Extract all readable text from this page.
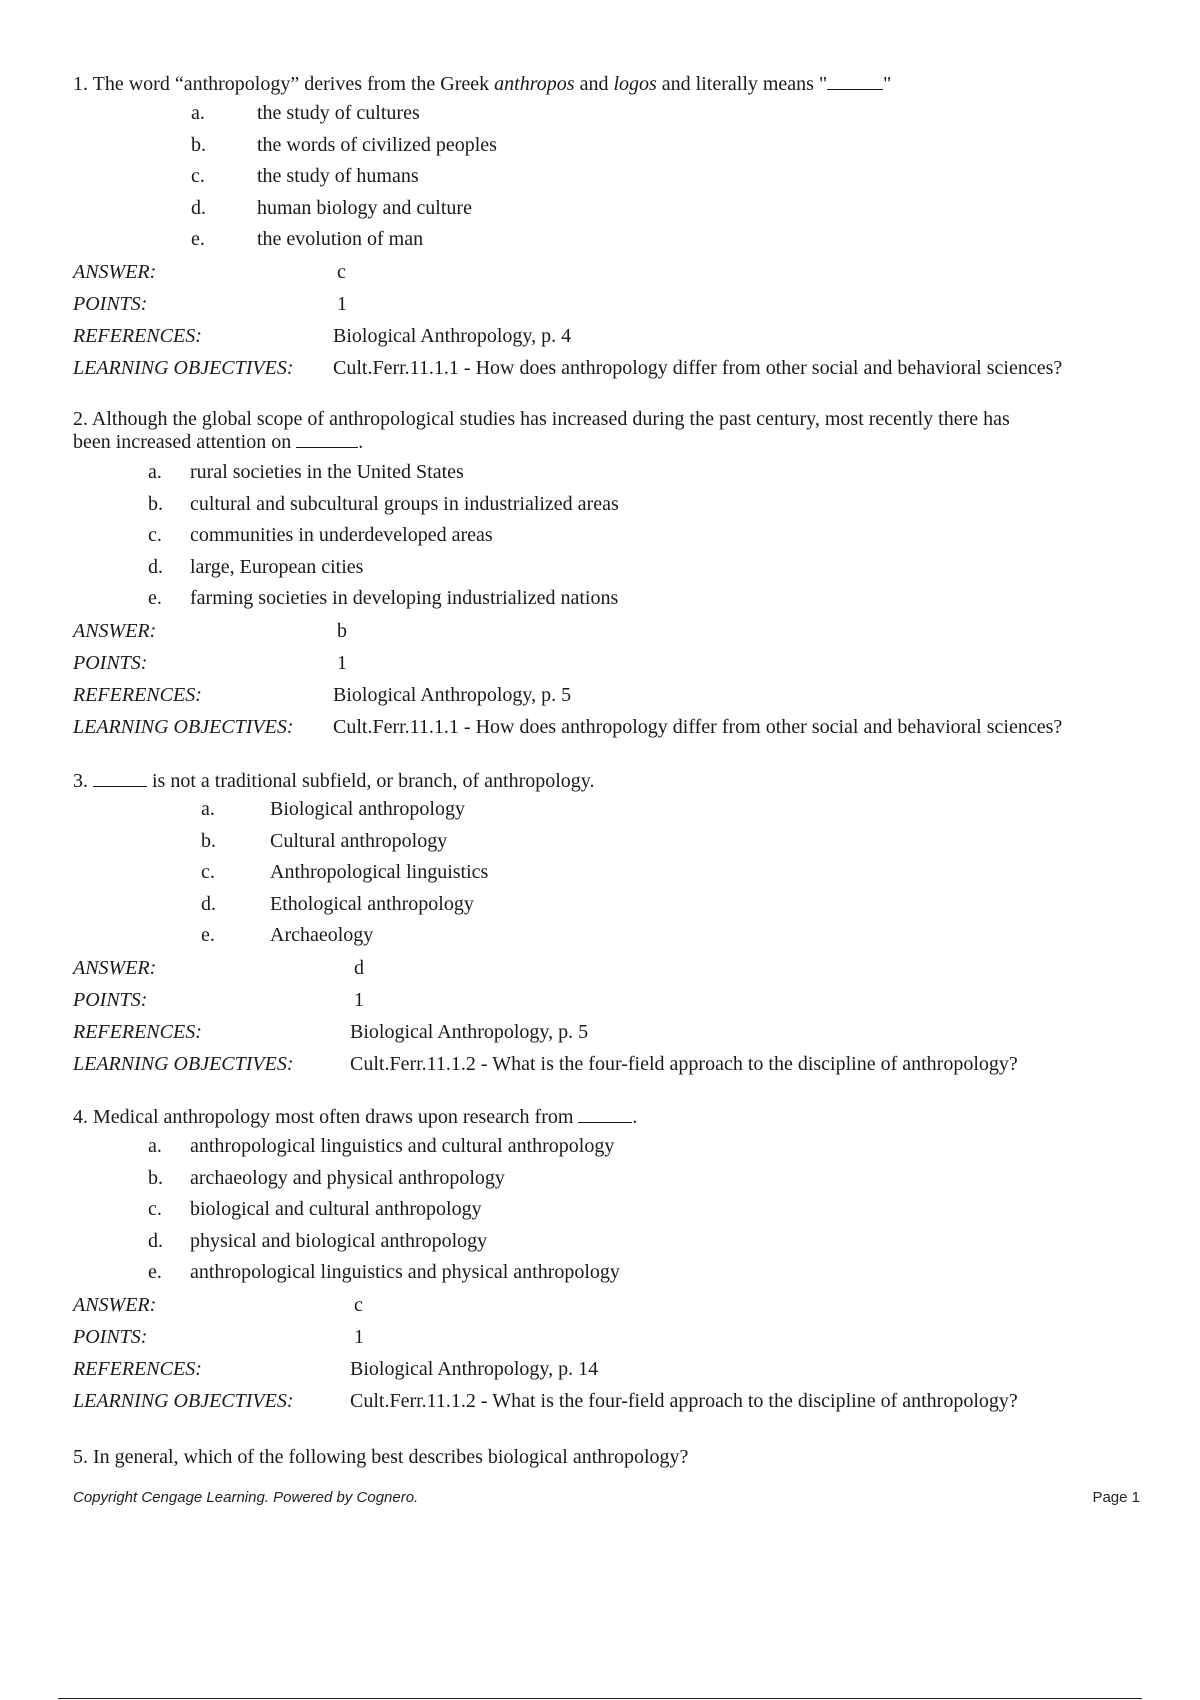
1. The word “anthropology” derives from the Greek anthropos and logos and literally means "	"

a.	the study of cultures
b.	the words of civilized peoples
c.	the study of humans
d.	human biology and culture
e.	the evolution of man
ANSWER:	c
POINTS:	1
REFERENCES:	Biological Anthropology, p. 4
LEARNING OBJECTIVES: Cult.Ferr.11.1.1 - How does anthropology differ from other social and behavioral sciences?

2. Although the global scope of anthropological studies has increased during the past century, most recently there has
been increased attention on	.

a. rural societies in the United States
b. cultural and subcultural groups in industrialized areas
c. communities in underdeveloped areas
d. large, European cities
e. farming societies in developing industrialized nations
ANSWER:	b
POINTS:	1
REFERENCES:	Biological Anthropology, p. 5
LEARNING OBJECTIVES: Cult.Ferr.11.1.1 - How does anthropology differ from other social and behavioral sciences?

3.	is not a traditional subfield, or branch, of anthropology.

a.	Biological anthropology
b.	Cultural anthropology
c.	Anthropological linguistics
d.	Ethological anthropology
e.	Archaeology
ANSWER:	d
POINTS:	1
REFERENCES:	Biological Anthropology, p. 5
LEARNING OBJECTIVES:	Cult.Ferr.11.1.2 - What is the four-field approach to the discipline of anthropology?

4. Medical anthropology most often draws upon research from	.

a. anthropological linguistics and cultural anthropology
b. archaeology and physical anthropology
c. biological and cultural anthropology
d. physical and biological anthropology
e. anthropological linguistics and physical anthropology
ANSWER:	c
POINTS:	1
REFERENCES:	Biological Anthropology, p. 14
LEARNING OBJECTIVES:	Cult.Ferr.11.1.2 - What is the four-field approach to the discipline of anthropology?

5. In general, which of the following best describes biological anthropology?

Copyright Cengage Learning. Powered by Cognero.	Page 1
